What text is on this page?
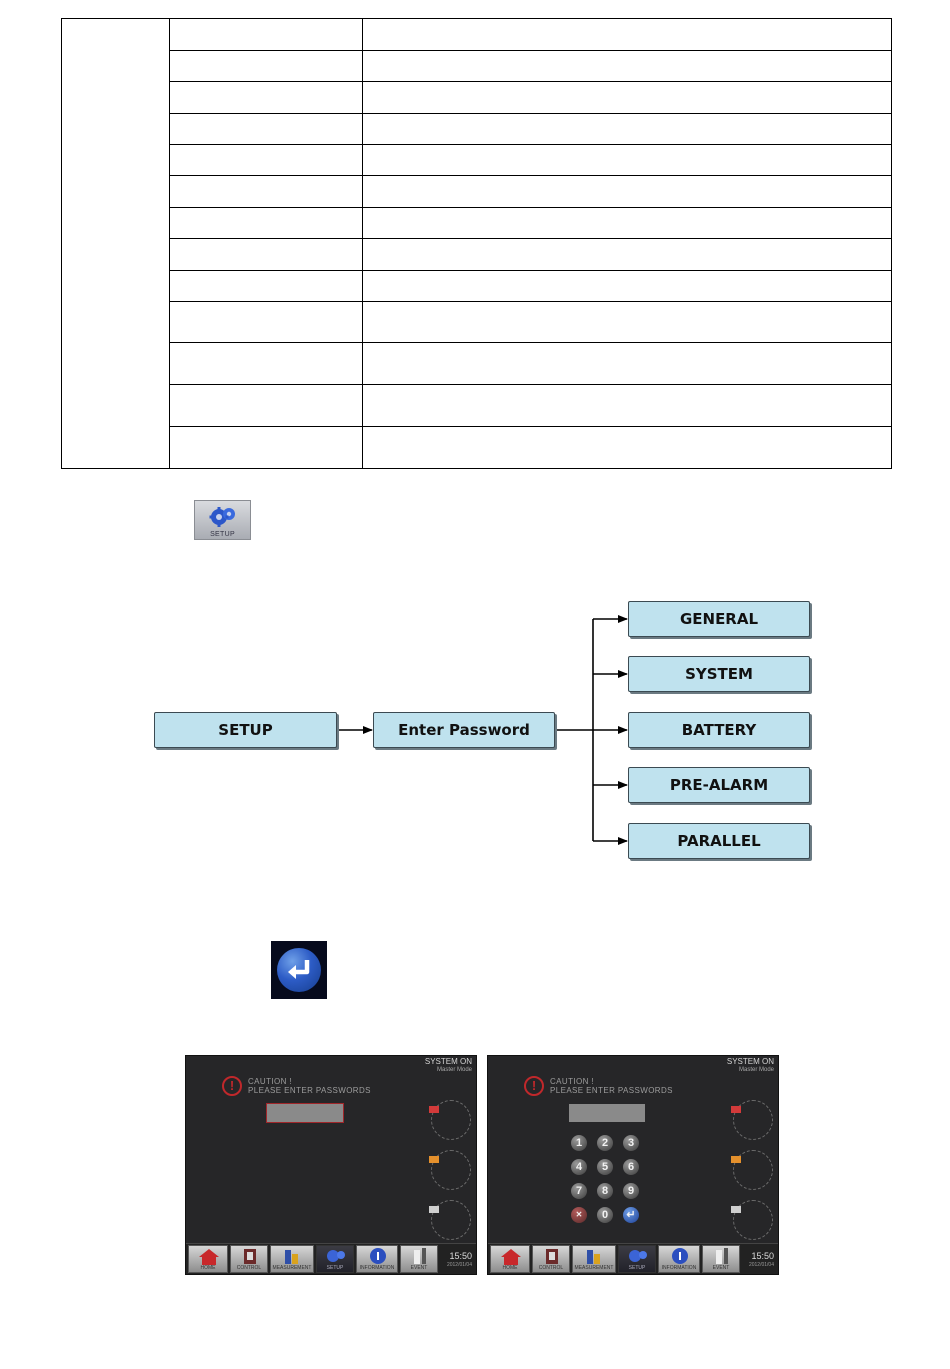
SETUP
SETUP	Enter Password
GENERAL
SYSTEM
BATTERY
PRE-ALARM
PARALLEL
SYSTEM ON
Master Mode
!	CAUTION !
PLEASE ENTER PASSWORDS
HOME	CONTROL	MEASUREMENT	SETUP	INFORMATION	EVENT
15:50
2012/01/04
SYSTEM ON
Master Mode
!	CAUTION !
PLEASE ENTER PASSWORDS
1	2	3
4	5	6
7	8	9
✕	0	↵
HOME	CONTROL	MEASUREMENT	SETUP	INFORMATION	EVENT
15:50
2012/01/04
